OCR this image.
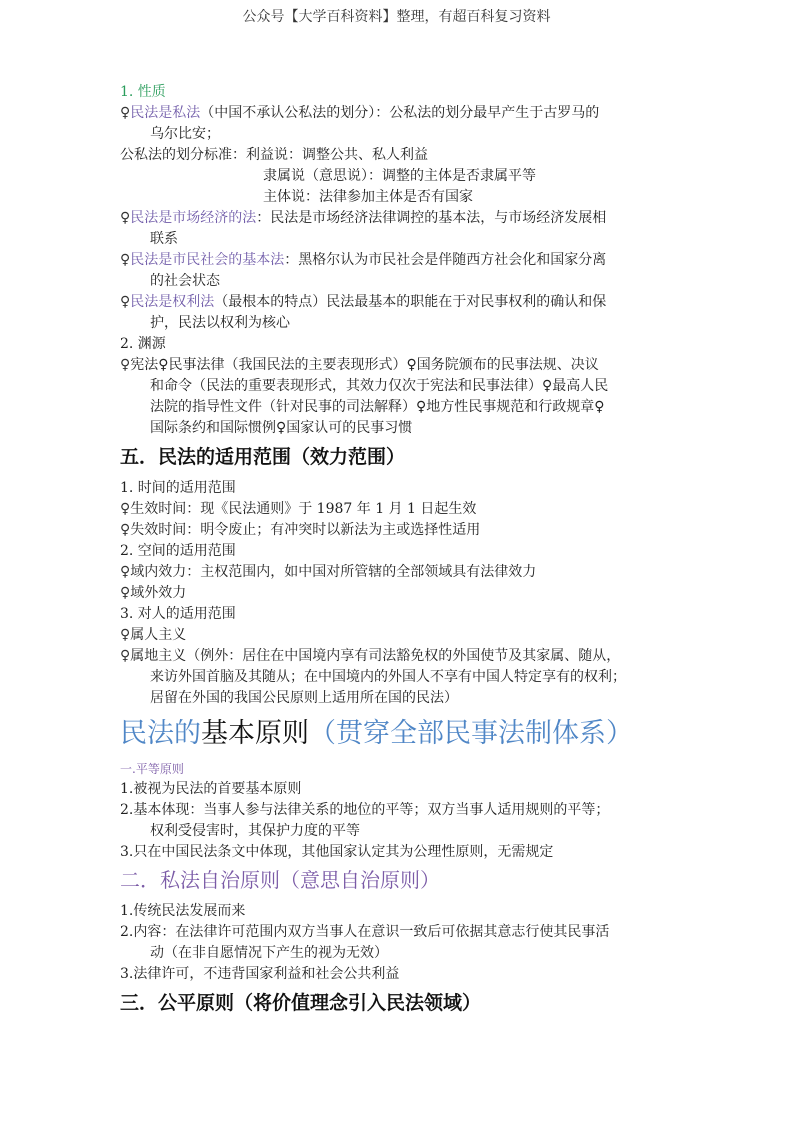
公众号【大学百科资料】整理，有超百科复习资料
1. 性质
♀民法是私法（中国不承认公私法的划分）：公私法的划分最早产生于古罗马的
乌尔比安；
公私法的划分标准：利益说：调整公共、私人利益
隶属说（意思说）：调整的主体是否隶属平等
主体说：法律参加主体是否有国家
♀民法是市场经济的法：民法是市场经济法律调控的基本法，与市场经济发展相
联系
♀民法是市民社会的基本法：黑格尔认为市民社会是伴随西方社会化和国家分离
的社会状态
♀民法是权利法（最根本的特点）民法最基本的职能在于对民事权利的确认和保
护，民法以权利为核心
2. 渊源
♀宪法♀民事法律（我国民法的主要表现形式）♀国务院颁布的民事法规、决议
和命令（民法的重要表现形式，其效力仅次于宪法和民事法律）♀最高人民
法院的指导性文件（针对民事的司法解释）♀地方性民事规范和行政规章♀
国际条约和国际惯例♀国家认可的民事习惯
五．民法的适用范围（效力范围）
1. 时间的适用范围
♀生效时间：现《民法通则》于 1987 年 1 月 1 日起生效
♀失效时间：明令废止；有冲突时以新法为主或选择性适用
2. 空间的适用范围
♀域内效力：主权范围内，如中国对所管辖的全部领域具有法律效力
♀域外效力
3. 对人的适用范围
♀属人主义
♀属地主义（例外：居住在中国境内享有司法豁免权的外国使节及其家属、随从，
来访外国首脑及其随从；在中国境内的外国人不享有中国人特定享有的权利；
居留在外国的我国公民原则上适用所在国的民法）
民法的基本原则（贯穿全部民事法制体系）
一.平等原则
1.被视为民法的首要基本原则
2.基本体现：当事人参与法律关系的地位的平等；双方当事人适用规则的平等；
权利受侵害时，其保护力度的平等
3.只在中国民法条文中体现，其他国家认定其为公理性原则，无需规定
二．私法自治原则（意思自治原则）
1.传统民法发展而来
2.内容：在法律许可范围内双方当事人在意识一致后可依据其意志行使其民事活
动（在非自愿情况下产生的视为无效）
3.法律许可，不违背国家利益和社会公共利益
三．公平原则（将价值理念引入民法领域）
